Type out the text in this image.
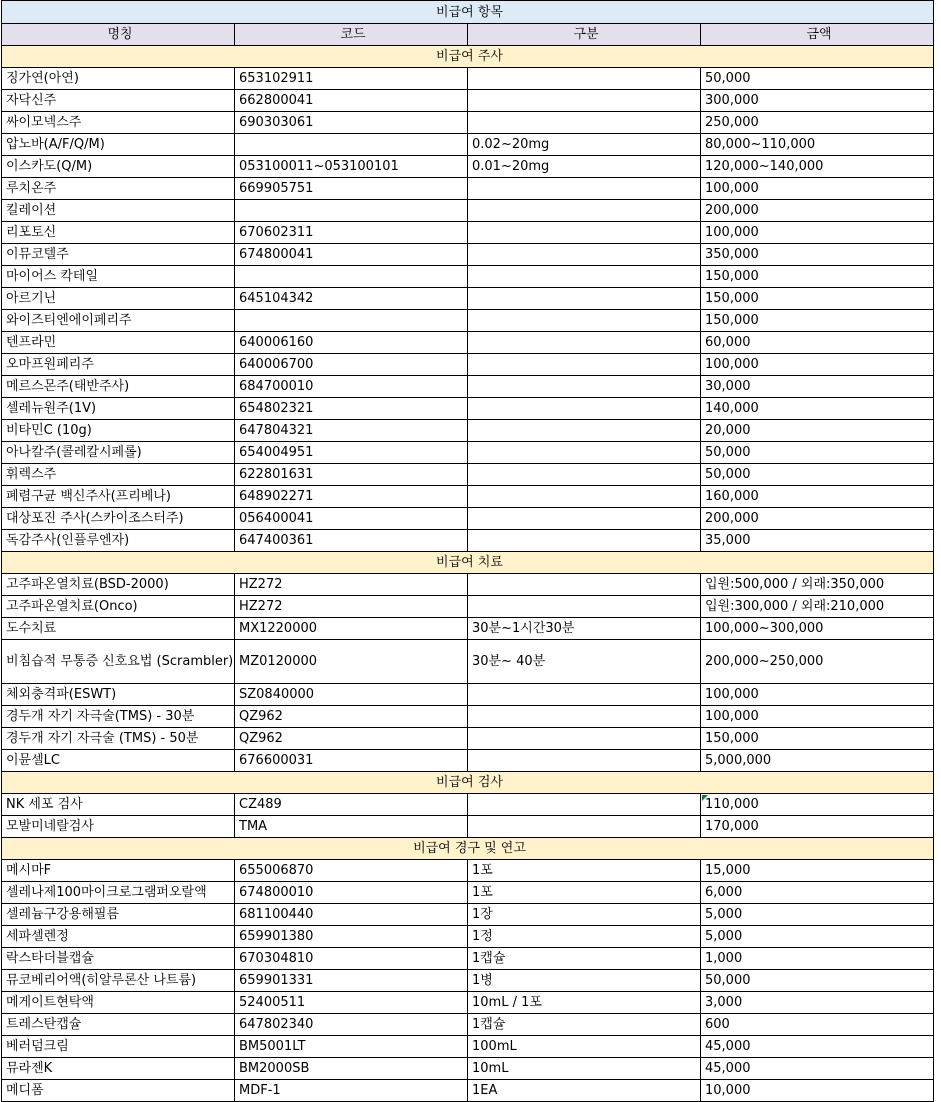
비급여 항목			
명칭	코드	구분	금액
비급여 주사			
징가연(아연)	653102911		50,000
자닥신주	662800041		300,000
싸이모넥스주	690303061		250,000
압노바(A/F/Q/M)		0.02~20mg	80,000~110,000
이스카도(Q/M)	053100011~053100101	0.01~20mg	120,000~140,000
루치온주	669905751		100,000
킬레이션			200,000
리포토신	670602311		100,000
이뮤코텔주	674800041		350,000
마이어스 칵테일			150,000
아르기닌	645104342		150,000
와이즈티엔에이페리주			150,000
텐프라민	640006160		60,000
오마프원페리주	640006700		100,000
메르스몬주(태반주사)	684700010		30,000
셀레뉴원주(1V)	654802321		140,000
비타민C (10g)	647804321		20,000
아나칼주(콜레칼시페롤)	654004951		50,000
휘렉스주	622801631		50,000
폐렴구균 백신주사(프리베나)	648902271		160,000
대상포진 주사(스카이조스터주)	056400041		200,000
독감주사(인플루엔자)	647400361		35,000
비급여 치료			
고주파온열치료(BSD-2000)	HZ272		입원:500,000 / 외래:350,000
고주파온열치료(Onco)	HZ272		입원:300,000 / 외래:210,000
도수치료	MX1220000	30분~1시간30분	100,000~300,000
비침습적 무통증 신호요법 (Scrambler)	MZ0120000	30분~ 40분	200,000~250,000
체외충격파(ESWT)	SZ0840000		100,000
경두개 자기 자극술(TMS) - 30분	QZ962		100,000
경두개 자기 자극술 (TMS) - 50분	QZ962		150,000
이뮨셀LC	676600031		5,000,000
비급여 검사			
NK 세포 검사	CZ489		110,000
모발미네랄검사	TMA		170,000
비급여 경구 및 연고			
메시마F	655006870	1포	15,000
셀레나제100마이크로그램퍼오랄액	674800010	1포	6,000
셀레늄구강용해필름	681100440	1장	5,000
세파셀렌정	659901380	1정	5,000
락스타더블캡슐	670304810	1캡슐	1,000
뮤코베리어액(히알루론산 나트륨)	659901331	1병	50,000
메게이트현탁액	52400511	10mL / 1포	3,000
트레스탄캡슐	647802340	1캡슐	600
베러덤크림	BM5001LT	100mL	45,000
뮤라젠K	BM2000SB	10mL	45,000
메디폼	MDF-1	1EA	10,000
